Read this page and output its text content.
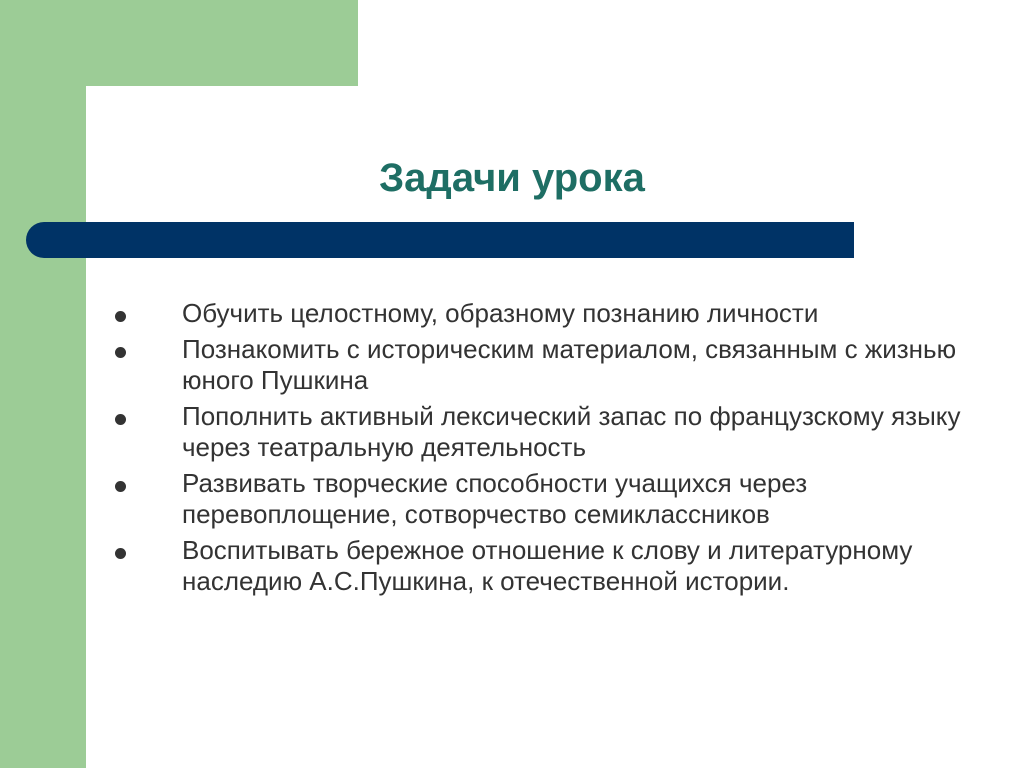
Задачи урока
Обучить целостному, образному познанию личности
Познакомить с историческим материалом, связанным с жизнью юного Пушкина
Пополнить активный лексический запас по французскому языку через театральную деятельность
Развивать творческие способности учащихся через перевоплощение, сотворчество семиклассников
Воспитывать бережное отношение к слову и литературному наследию А.С.Пушкина, к отечественной истории.
